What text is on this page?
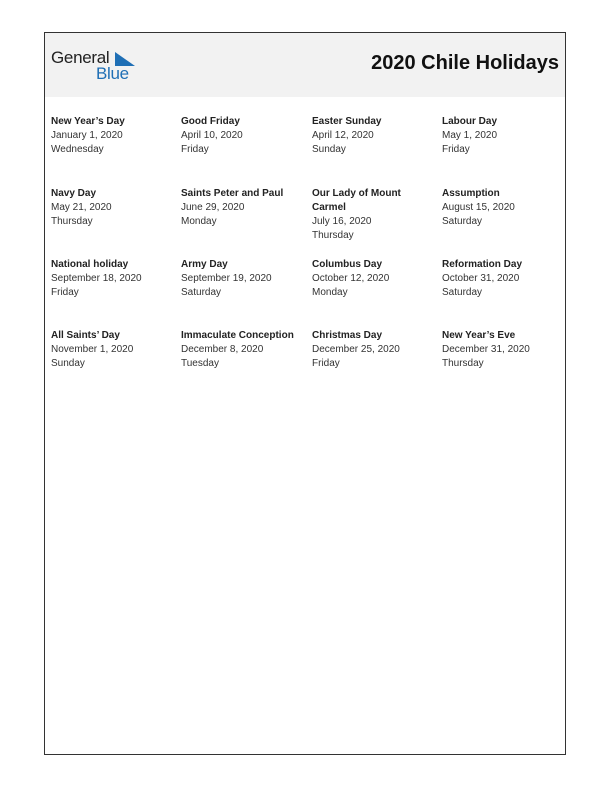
General
Blue	2020 Chile Holidays
New Year’s Day
January 1, 2020
Wednesday
Good Friday
April 10, 2020
Friday
Easter Sunday
April 12, 2020
Sunday
Labour Day
May 1, 2020
Friday
Navy Day
May 21, 2020
Thursday
Saints Peter and Paul
June 29, 2020
Monday
Our Lady of Mount Carmel
July 16, 2020
Thursday
Assumption
August 15, 2020
Saturday
National holiday
September 18, 2020
Friday
Army Day
September 19, 2020
Saturday
Columbus Day
October 12, 2020
Monday
Reformation Day
October 31, 2020
Saturday
All Saints’ Day
November 1, 2020
Sunday
Immaculate Conception
December 8, 2020
Tuesday
Christmas Day
December 25, 2020
Friday
New Year’s Eve
December 31, 2020
Thursday
